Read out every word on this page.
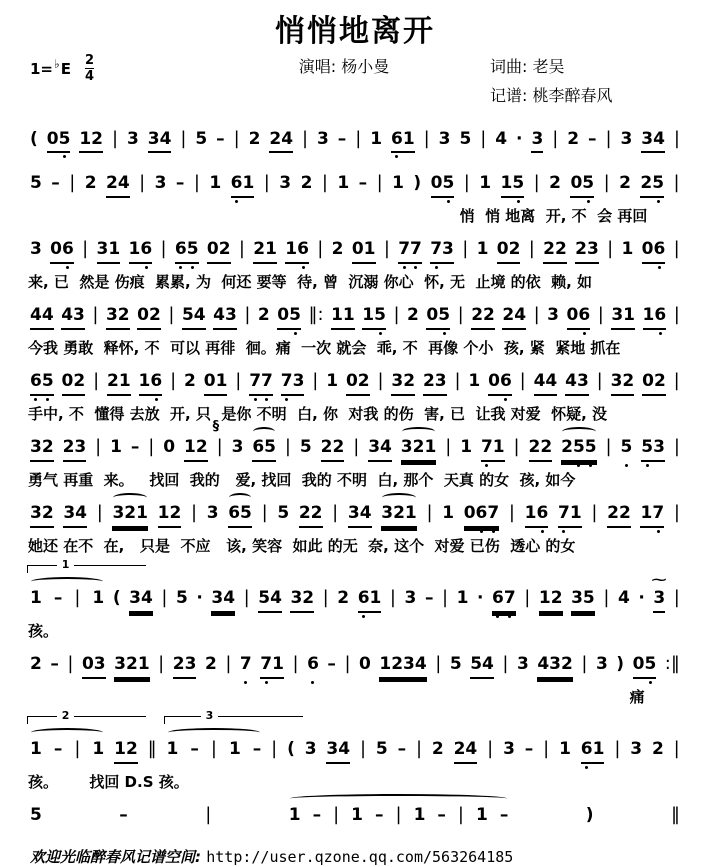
悄悄地离开
1= ♭ E $\frac{2}{4}$	演唱: 杨小曼	词曲: 老吴
记谱: 桃李醉春风
( 05 12 | 3 34 | 5 – | 2 24 | 3 – | 1 61 | 3 5 | 4 · 3 | 2 – | 3 34 |
5 – | 2 24 | 3 – | 1 61 | 3 2 | 1 – | 1 ) 05 | 1 15 | 2 05 | 2 25 |
悄  悄 地离  开, 不  会 再回
3 06 | 31 16 | 65 02 | 21 16 | 2 01 | 77 73 | 1 02 | 22 23 | 1 06 |
来, 已  然是 伤痕  累累, 为  何还 要等  待, 曾  沉溺 你心  怀, 无  止境 的依  赖, 如
44 43 | 32 02 | 54 43 | 2 05 ‖: 11 15 | 2 05 | 22 24 | 3 06 | 31 16 |
今我 勇敢  释怀, 不  可以 再徘  徊。痛  一次 就会  乖, 不  再像 个小  孩, 紧  紧地 抓在
65 02 | 21 16 | 2 01 | 77 73 | 1 02 | 32 23 | 1 06 | 44 43 | 32 02 |
手中, 不  懂得 去放  开, 只  是你 不明  白, 你  对我 的伤  害, 已  让我 对爱  怀疑, 没
32 23 | 1 – | 0 12 |
§
3 65 | 5 22 | 34 321 | 1 71 | 22 255 | 5 53 |
勇气 再重  来。   找回  我的   爱, 找回  我的 不明  白, 那个  天真 的女  孩, 如今
32 34 | 321 12 | 3 65 | 5 22 | 34 321 | 1 067 | 16 71 | 22 17 |
她还 在不  在,   只是  不应   该, 笑容  如此 的无  奈, 这个  对爱 已伤  透心 的女
1
1 – | 1 ( 34 | 5 · 34 | 54 32 | 2 61 | 3 – | 1 · 67 | 12 35 | 4 · 3 ~ |
孩。
2 – | 03 321 | 23 2 | 7 71 | 6 – | 0 1234 | 5 54 | 3 432 | 3 ) 05 :‖
痛
2
1 – | 1 12 ‖
3
1 – | 1 – | ( 3 34 | 5 – | 2 24 | 3 – | 1 61 | 3 2 |
孩。      找回 D.S 孩。
5	–	|	1 – | 1 – | 1 – | 1 –	)	‖
欢迎光临醉春风记谱空间: http://user.qzone.qq.com/563264185
